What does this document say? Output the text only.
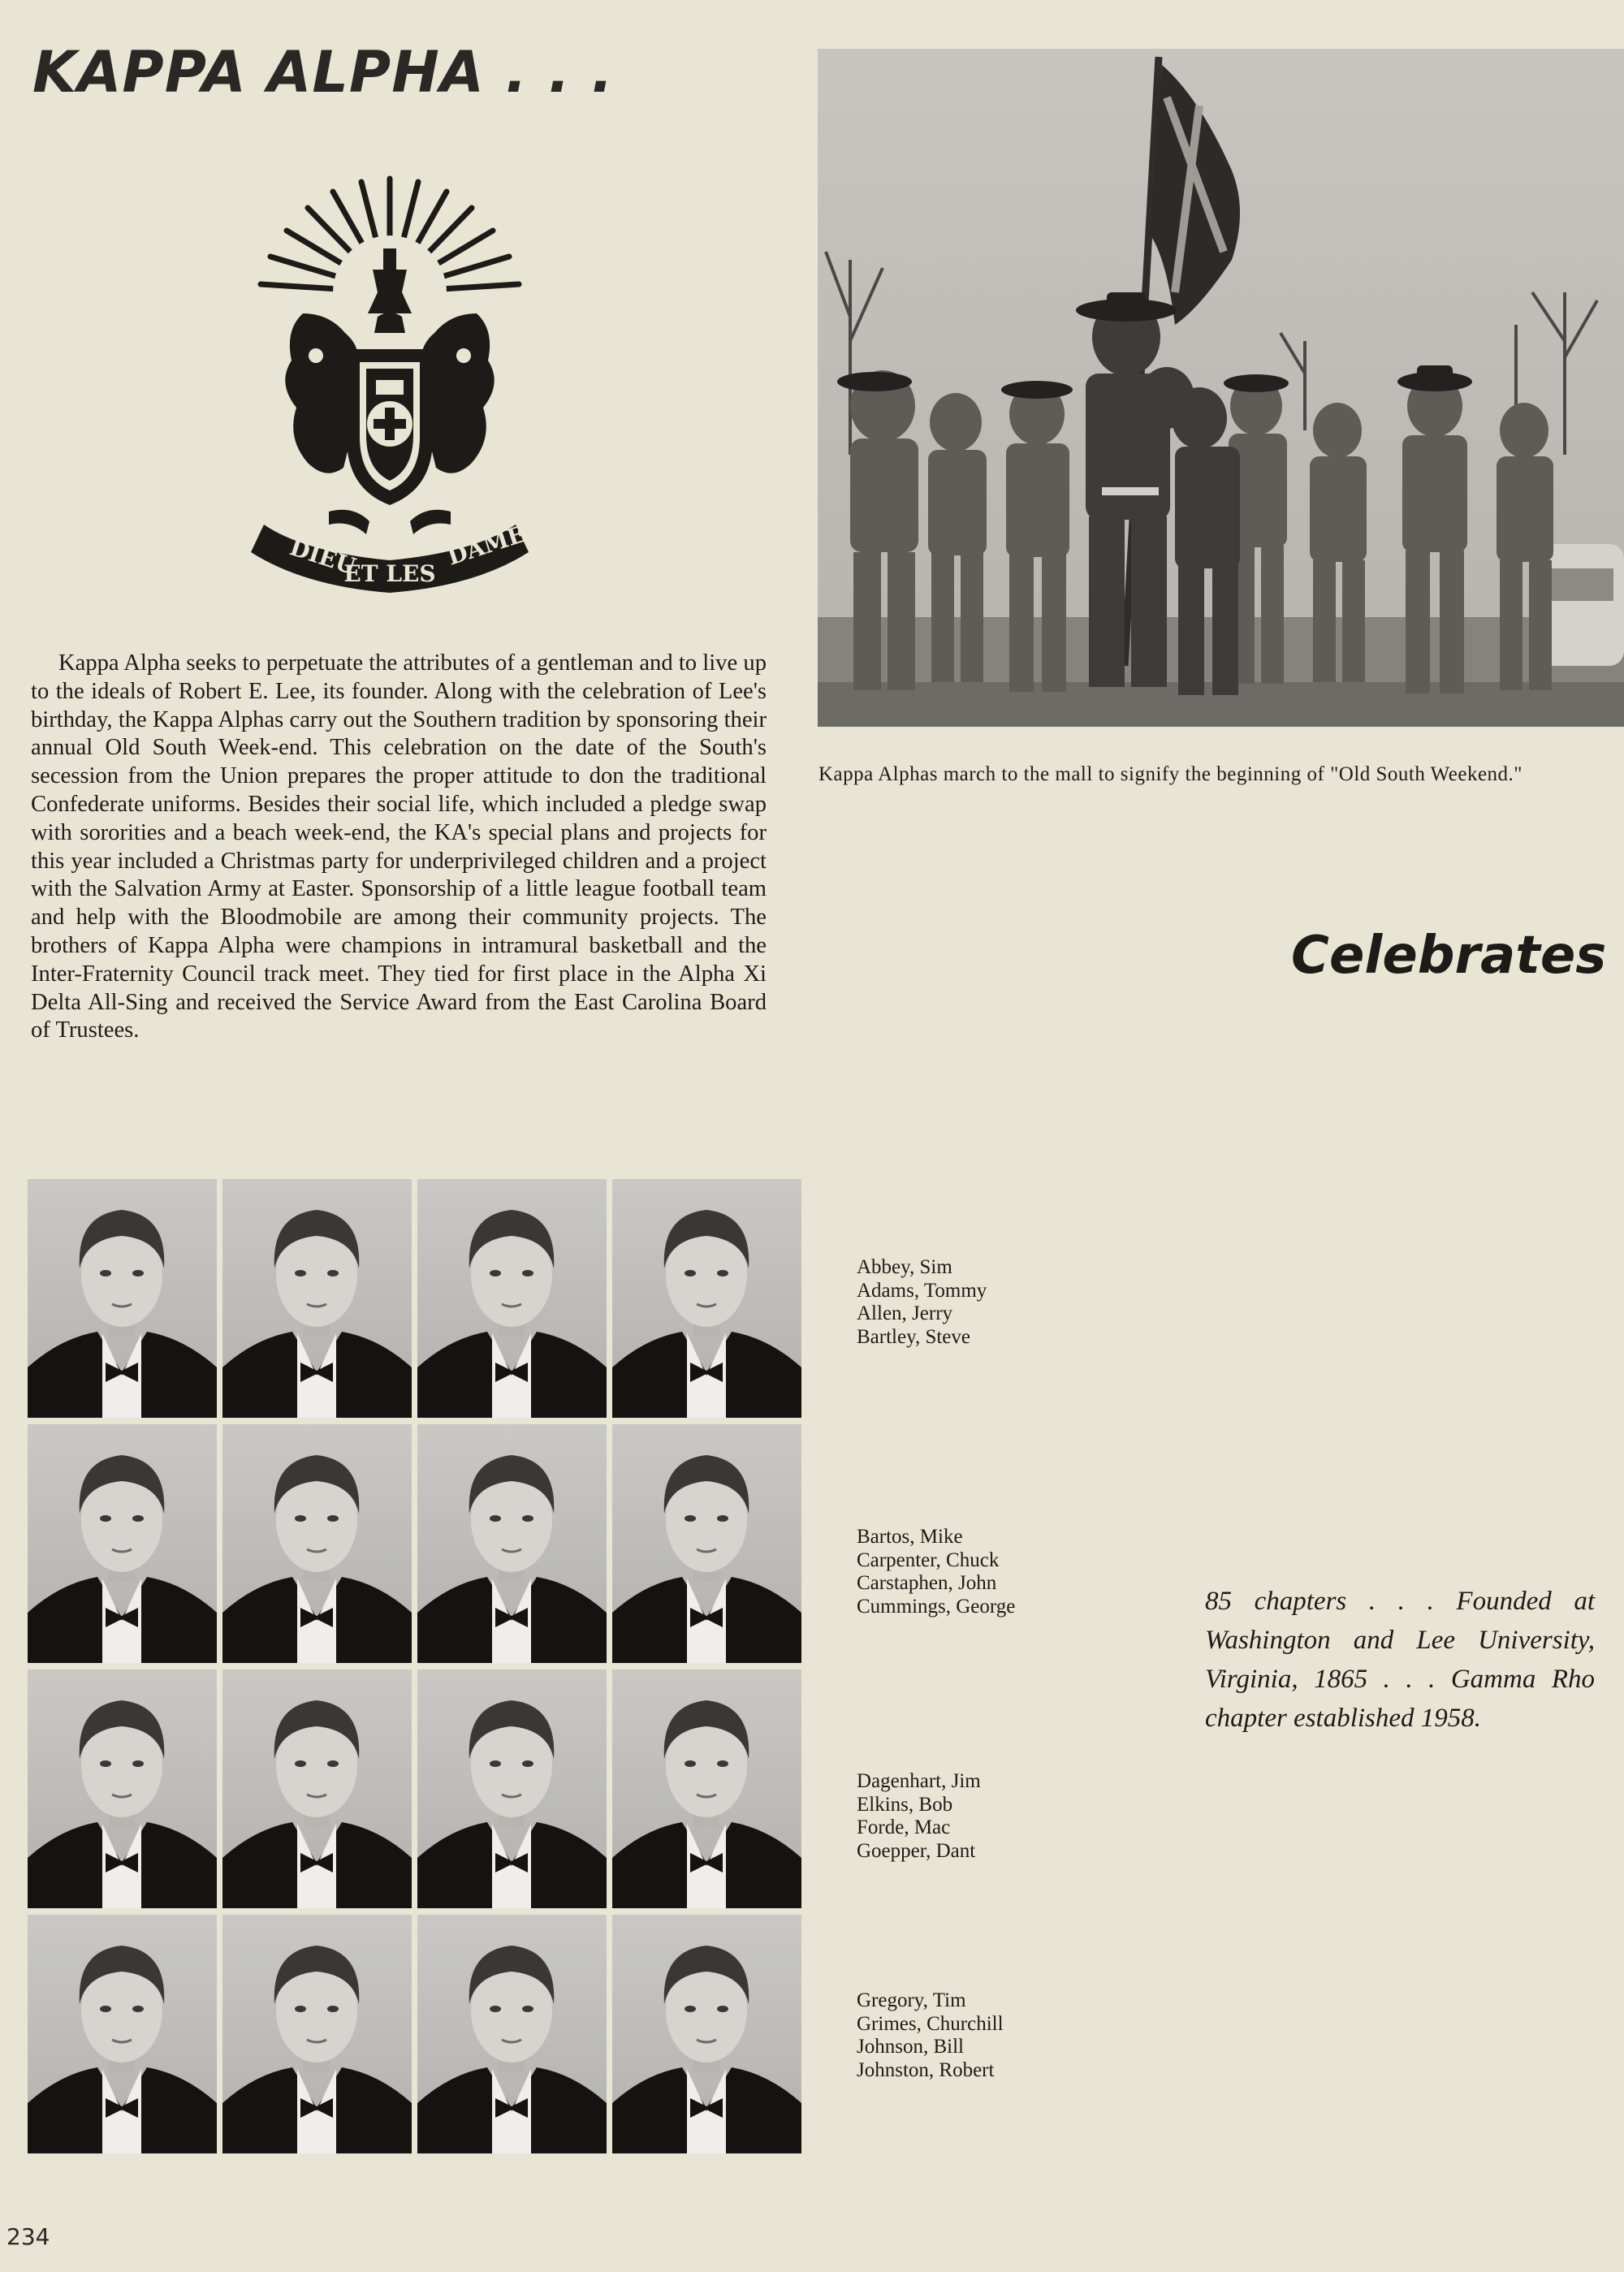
KAPPA ALPHA . . .
DIEU
ET LES
DAMES

Kappa Alpha seeks to perpetuate the attributes of a gentleman and to live up to the ideals of Robert E. Lee, its founder. Along with the celebration of Lee's birthday, the Kappa Alphas carry out the Southern tradition by sponsoring their annual Old South Week-end. This celebration on the date of the South's secession from the Union prepares the proper attitude to don the traditional Confederate uniforms. Besides their social life, which included a pledge swap with sororities and a beach week-end, the KA's special plans and projects for this year included a Christmas party for underprivileged children and a project with the Salvation Army at Easter. Sponsorship of a little league football team and help with the Bloodmobile are among their community projects. The brothers of Kappa Alpha were champions in intramural basketball and the Inter-Fraternity Council track meet. They tied for first place in the Alpha Xi Delta All-Sing and received the Service Award from the East Carolina Board of Trustees.

Kappa Alphas march to the mall to signify the beginning of "Old South Weekend."

Celebrates

85 chapters . . . Founded at Washington and Lee University, Virginia, 1865 . . . Gamma Rho chapter established 1958.

Abbey, Sim
Adams, Tommy
Allen, Jerry
Bartley, Steve
Bartos, Mike
Carpenter, Chuck
Carstaphen, John
Cummings, George
Dagenhart, Jim
Elkins, Bob
Forde, Mac
Goepper, Dant
Gregory, Tim
Grimes, Churchill
Johnson, Bill
Johnston, Robert

234
